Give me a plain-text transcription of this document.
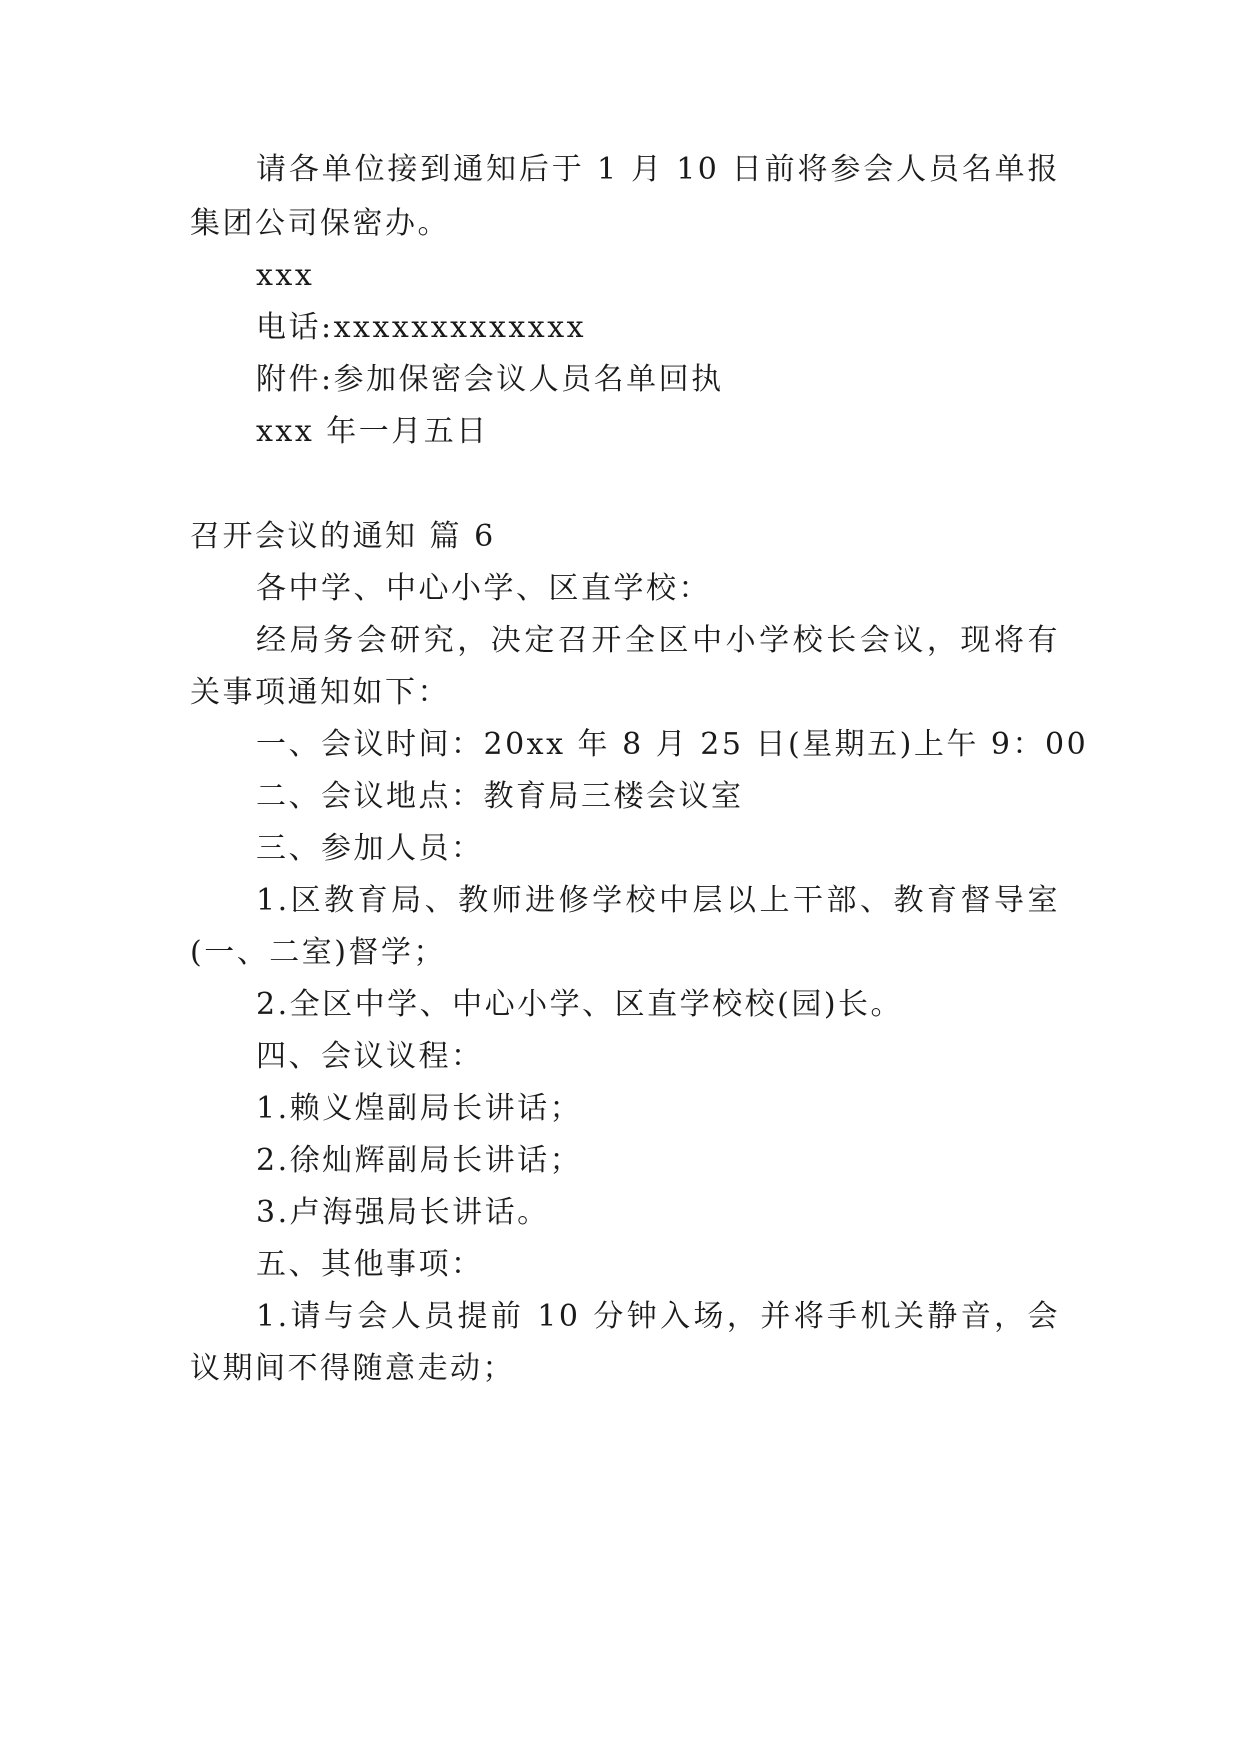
请各单位接到通知后于 1 月 10 日前将参会人员名单报
集团公司保密办。
xxx
电话:xxxxxxxxxxxxx
附件:参加保密会议人员名单回执
xxx 年一月五日
召开会议的通知 篇 6
各中学、中心小学、区直学校：
经局务会研究，决定召开全区中小学校长会议，现将有
关事项通知如下：
一、会议时间：20xx 年 8 月 25 日(星期五)上午 9：00
二、会议地点：教育局三楼会议室
三、参加人员：
1.区教育局、教师进修学校中层以上干部、教育督导室
(一、二室)督学；
2.全区中学、中心小学、区直学校校(园)长。
四、会议议程：
1.赖义煌副局长讲话；
2.徐灿辉副局长讲话；
3.卢海强局长讲话。
五、其他事项：
1.请与会人员提前 10 分钟入场，并将手机关静音，会
议期间不得随意走动；
